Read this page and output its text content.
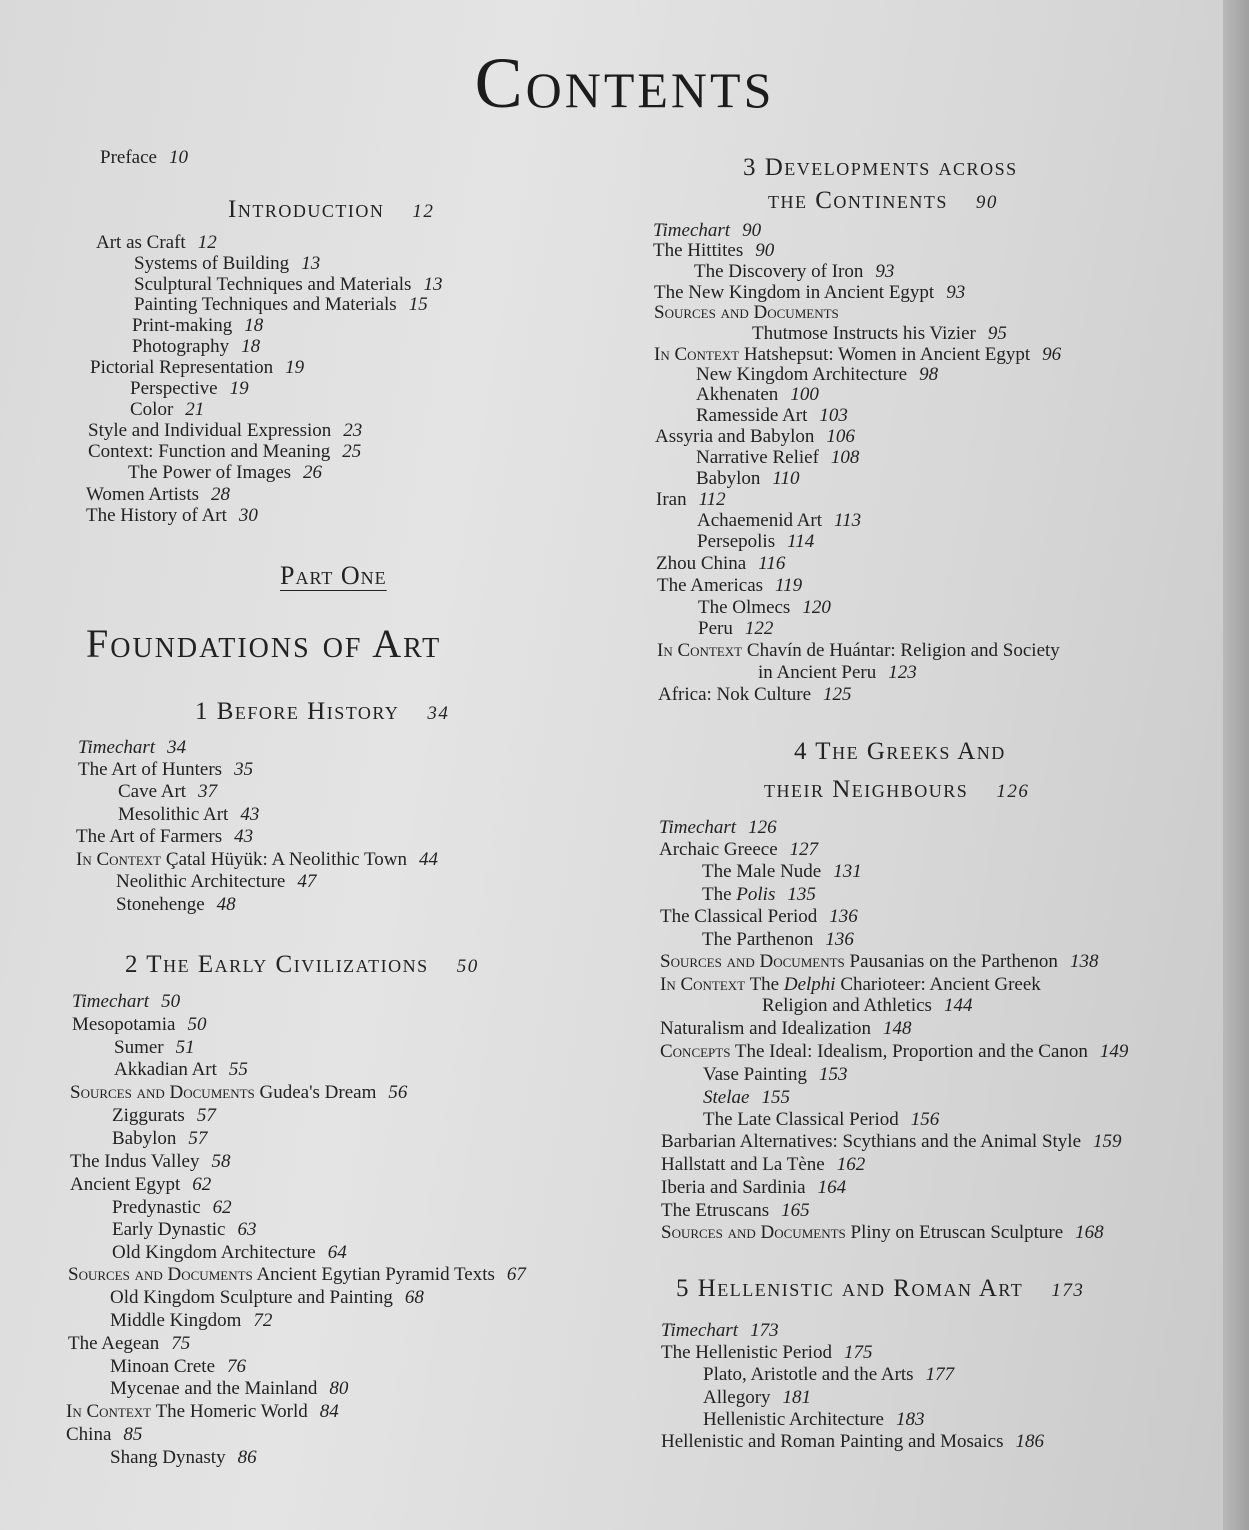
Contents
Preface 10
Introduction 12
Art as Craft 12
Systems of Building 13
Sculptural Techniques and Materials 13
Painting Techniques and Materials 15
Print-making 18
Photography 18
Pictorial Representation 19
Perspective 19
Color 21
Style and Individual Expression 23
Context: Function and Meaning 25
The Power of Images 26
Women Artists 28
The History of Art 30
Part One
Foundations of Art
1 Before History 34
Timechart 34
The Art of Hunters 35
Cave Art 37
Mesolithic Art 43
The Art of Farmers 43
In Context Çatal Hüyük: A Neolithic Town 44
Neolithic Architecture 47
Stonehenge 48
2 The Early Civilizations 50
Timechart 50
Mesopotamia 50
Sumer 51
Akkadian Art 55
Sources and Documents Gudea's Dream 56
Ziggurats 57
Babylon 57
The Indus Valley 58
Ancient Egypt 62
Predynastic 62
Early Dynastic 63
Old Kingdom Architecture 64
Sources and Documents Ancient Egytian Pyramid Texts 67
Old Kingdom Sculpture and Painting 68
Middle Kingdom 72
The Aegean 75
Minoan Crete 76
Mycenae and the Mainland 80
In Context The Homeric World 84
China 85
Shang Dynasty 86
3 Developments across
the Continents 90
Timechart 90
The Hittites 90
The Discovery of Iron 93
The New Kingdom in Ancient Egypt 93
Sources and Documents
Thutmose Instructs his Vizier 95
In Context Hatshepsut: Women in Ancient Egypt 96
New Kingdom Architecture 98
Akhenaten 100
Ramesside Art 103
Assyria and Babylon 106
Narrative Relief 108
Babylon 110
Iran 112
Achaemenid Art 113
Persepolis 114
Zhou China 116
The Americas 119
The Olmecs 120
Peru 122
In Context Chavín de Huántar: Religion and Society
in Ancient Peru 123
Africa: Nok Culture 125
4 The Greeks And
their Neighbours 126
Timechart 126
Archaic Greece 127
The Male Nude 131
The Polis 135
The Classical Period 136
The Parthenon 136
Sources and Documents Pausanias on the Parthenon 138
In Context The Delphi Charioteer: Ancient Greek
Religion and Athletics 144
Naturalism and Idealization 148
Concepts The Ideal: Idealism, Proportion and the Canon 149
Vase Painting 153
Stelae 155
The Late Classical Period 156
Barbarian Alternatives: Scythians and the Animal Style 159
Hallstatt and La Tène 162
Iberia and Sardinia 164
The Etruscans 165
Sources and Documents Pliny on Etruscan Sculpture 168
5 Hellenistic and Roman Art 173
Timechart 173
The Hellenistic Period 175
Plato, Aristotle and the Arts 177
Allegory 181
Hellenistic Architecture 183
Hellenistic and Roman Painting and Mosaics 186
